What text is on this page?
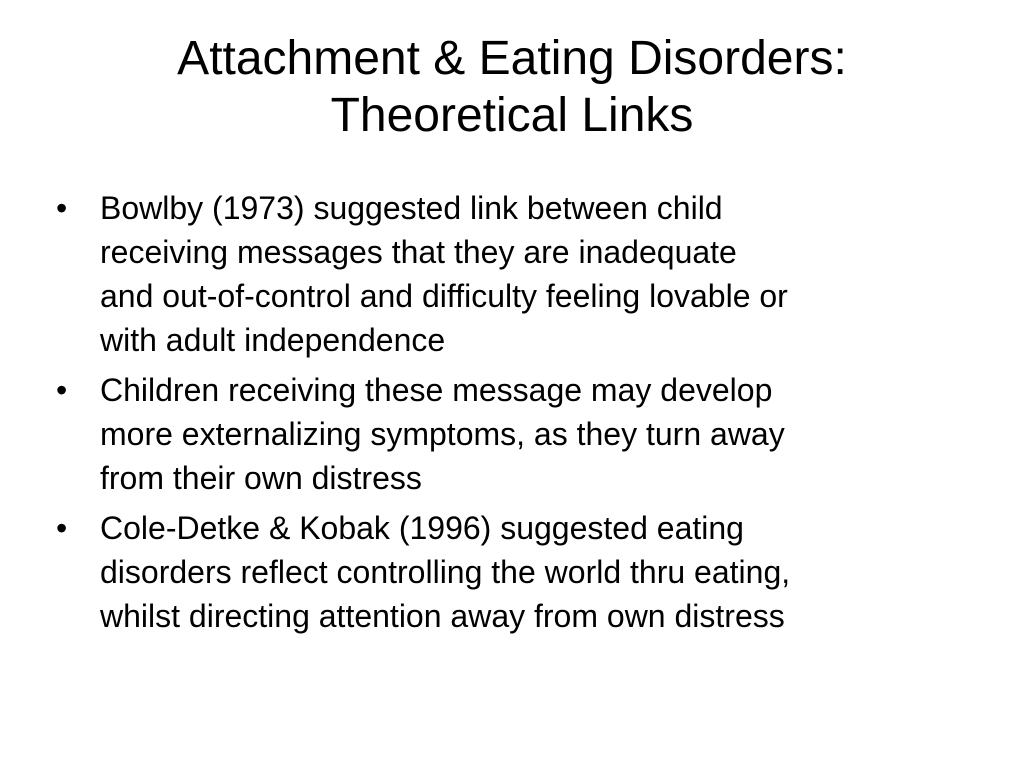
Attachment & Eating Disorders:
Theoretical Links
• Bowlby (1973) suggested link between child
receiving messages that they are inadequate
and out-of-control and difficulty feeling lovable or
with adult independence
• Children receiving these message may develop
more externalizing symptoms, as they turn away
from their own distress
• Cole-Detke & Kobak (1996) suggested eating
disorders reflect controlling the world thru eating,
whilst directing attention away from own distress
